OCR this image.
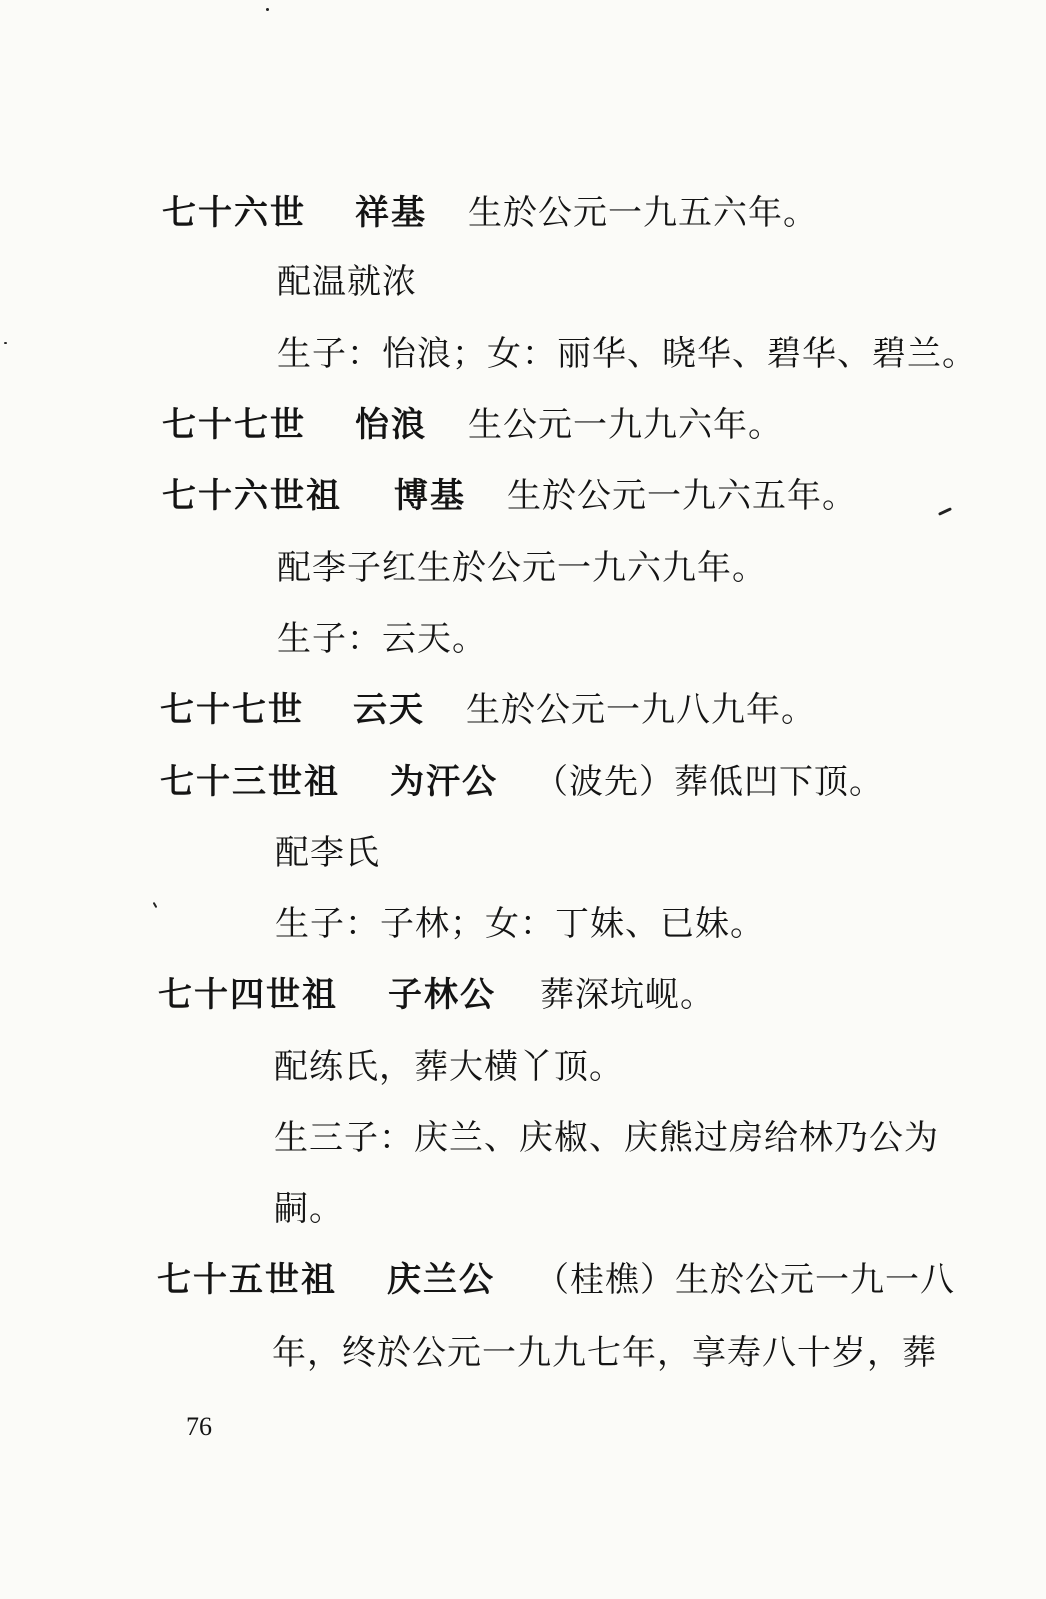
七十六世 祥基 生於公元一九五六年。
配温就浓
生子：怡浪；女：丽华、晓华、碧华、碧兰。
七十七世 怡浪 生公元一九九六年。
七十六世祖 博基 生於公元一九六五年。
配李子红生於公元一九六九年。
生子：云天。
七十七世 云天 生於公元一九八九年。
七十三世祖 为汗公 （波先）葬低凹下顶。
配李氏
生子：子林；女：丁妹、已妹。
七十四世祖 子林公 葬深坑岘。
配练氏，葬大横丫顶。
生三子：庆兰、庆椒、庆熊过房给林乃公为
嗣。
七十五世祖 庆兰公 （桂樵）生於公元一九一八
年，终於公元一九九七年，享寿八十岁，葬
76
